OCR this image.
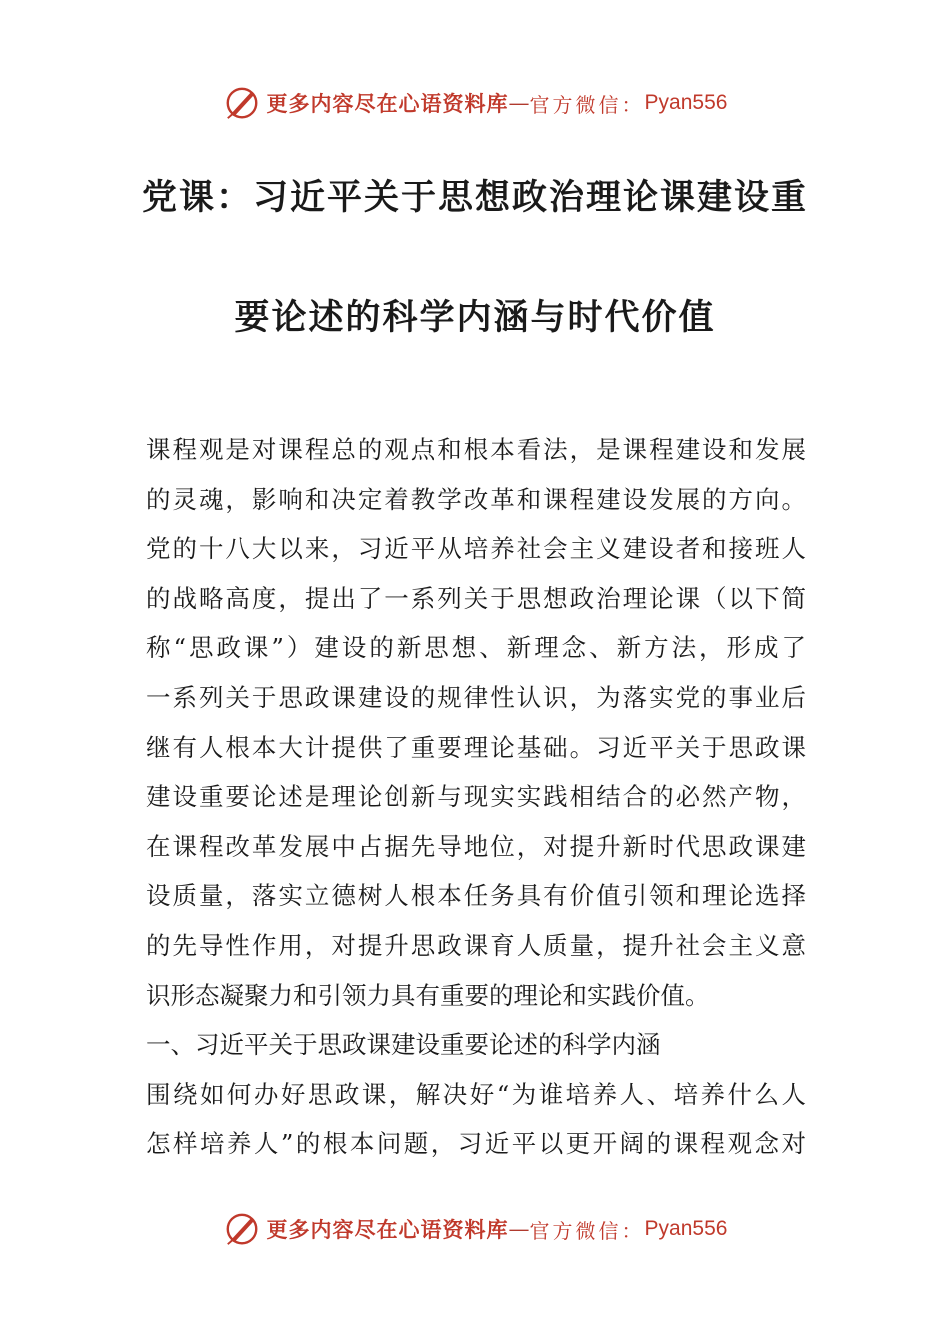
更多内容尽在心语资料库 — 官方微信： Pyan556
党课：习近平关于思想政治理论课建设重
要论述的科学内涵与时代价值
课程观是对课程总的观点和根本看法，是课程建设和发展
的灵魂，影响和决定着教学改革和课程建设发展的方向。
党的十八大以来，习近平从培养社会主义建设者和接班人
的战略高度，提出了一系列关于思想政治理论课（以下简
称“思政课”）建设的新思想、新理念、新方法，形成了
一系列关于思政课建设的规律性认识，为落实党的事业后
继有人根本大计提供了重要理论基础。习近平关于思政课
建设重要论述是理论创新与现实实践相结合的必然产物，
在课程改革发展中占据先导地位，对提升新时代思政课建
设质量，落实立德树人根本任务具有价值引领和理论选择
的先导性作用，对提升思政课育人质量，提升社会主义意
识形态凝聚力和引领力具有重要的理论和实践价值。
一、习近平关于思政课建设重要论述的科学内涵
围绕如何办好思政课，解决好“为谁培养人、培养什么人
怎样培养人”的根本问题，习近平以更开阔的课程观念对
更多内容尽在心语资料库 — 官方微信： Pyan556
